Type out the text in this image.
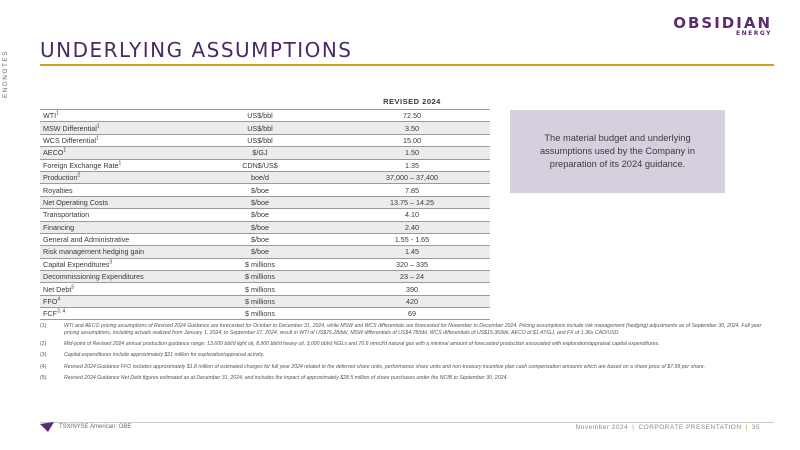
ENDNOTES
OBSIDIAN
ENERGY
UNDERLYING ASSUMPTIONS
REVISED 2024
WTI$^1$	US$/bbl	72.50
MSW Differential$^1$	US$/bbl	3.50
WCS Differential$^1$	US$/bbl	15.00
AECO$^1$	$/GJ	1.50
Foreign Exchange Rate$^1$	CDN$/US$	1.35
Production$^2$	boe/d	37,000 – 37,400
Royalties	$/boe	7.85
Net Operating Costs	$/boe	13.75 – 14.25
Transportation	$/boe	4.10
Financing	$/boe	2.40
General and Administrative	$/boe	1.55 - 1.65
Risk management hedging gain	$/boe	1.45
Capital Expenditures$^3$	$ millions	320 – 335
Decommissioning Expenditures	$ millions	23 – 24
Net Debt$^5$	$ millions	390
FFO$^4$	$ millions	420
FCF$^{3, 4}$	$ millions	69
The material budget and underlying assumptions used by the Company in preparation of its 2024 guidance.
(1)	WTI and AECO pricing assumptions of Revised 2024 Guidance are forecasted for October to December 31, 2024, while MSW and WCS differentials are forecasted for November to December 2024. Pricing assumptions include risk management (hedging) adjustments as of September 30, 2024. Full year pricing assumptions, including actuals realized from January 1, 2024, to September 27, 2024, result in WTI of US$76.28/bbl, MSW differentials of US$4.78/bbl, WCS differentials of US$15.36/bbl, AECO of $1.47/GJ, and FX of 1.36x CAD/USD.
(2)	Mid-point of Revised 2024 annual production guidance range: 13,600 bbl/d light oil, 8,900 bbl/d heavy oil, 3,000 bbl/d NGLs and 70.6 mmcf/d natural gas with a minimal amount of forecasted production associated with exploration/appraisal capital expenditures.
(3)	Capital expenditures include approximately $21 million for exploration/appraisal activity.
(4)	Revised 2024 Guidance FFO includes approximately $1.8 million of estimated charges for full year 2024 related to the deferred share units, performance share units and non-treasury incentive plan cash compensation amounts which are based on a share price of $7.99 per share.
(5)	Revised 2024 Guidance Net Debt figures estimated as at December 31, 2024, and includes the impact of approximately $28.5 million of share purchases under the NCIB to September 30, 2024.
TSX/NYSE American: OBE	November 2024 | CORPORATE PRESENTATION | 35
